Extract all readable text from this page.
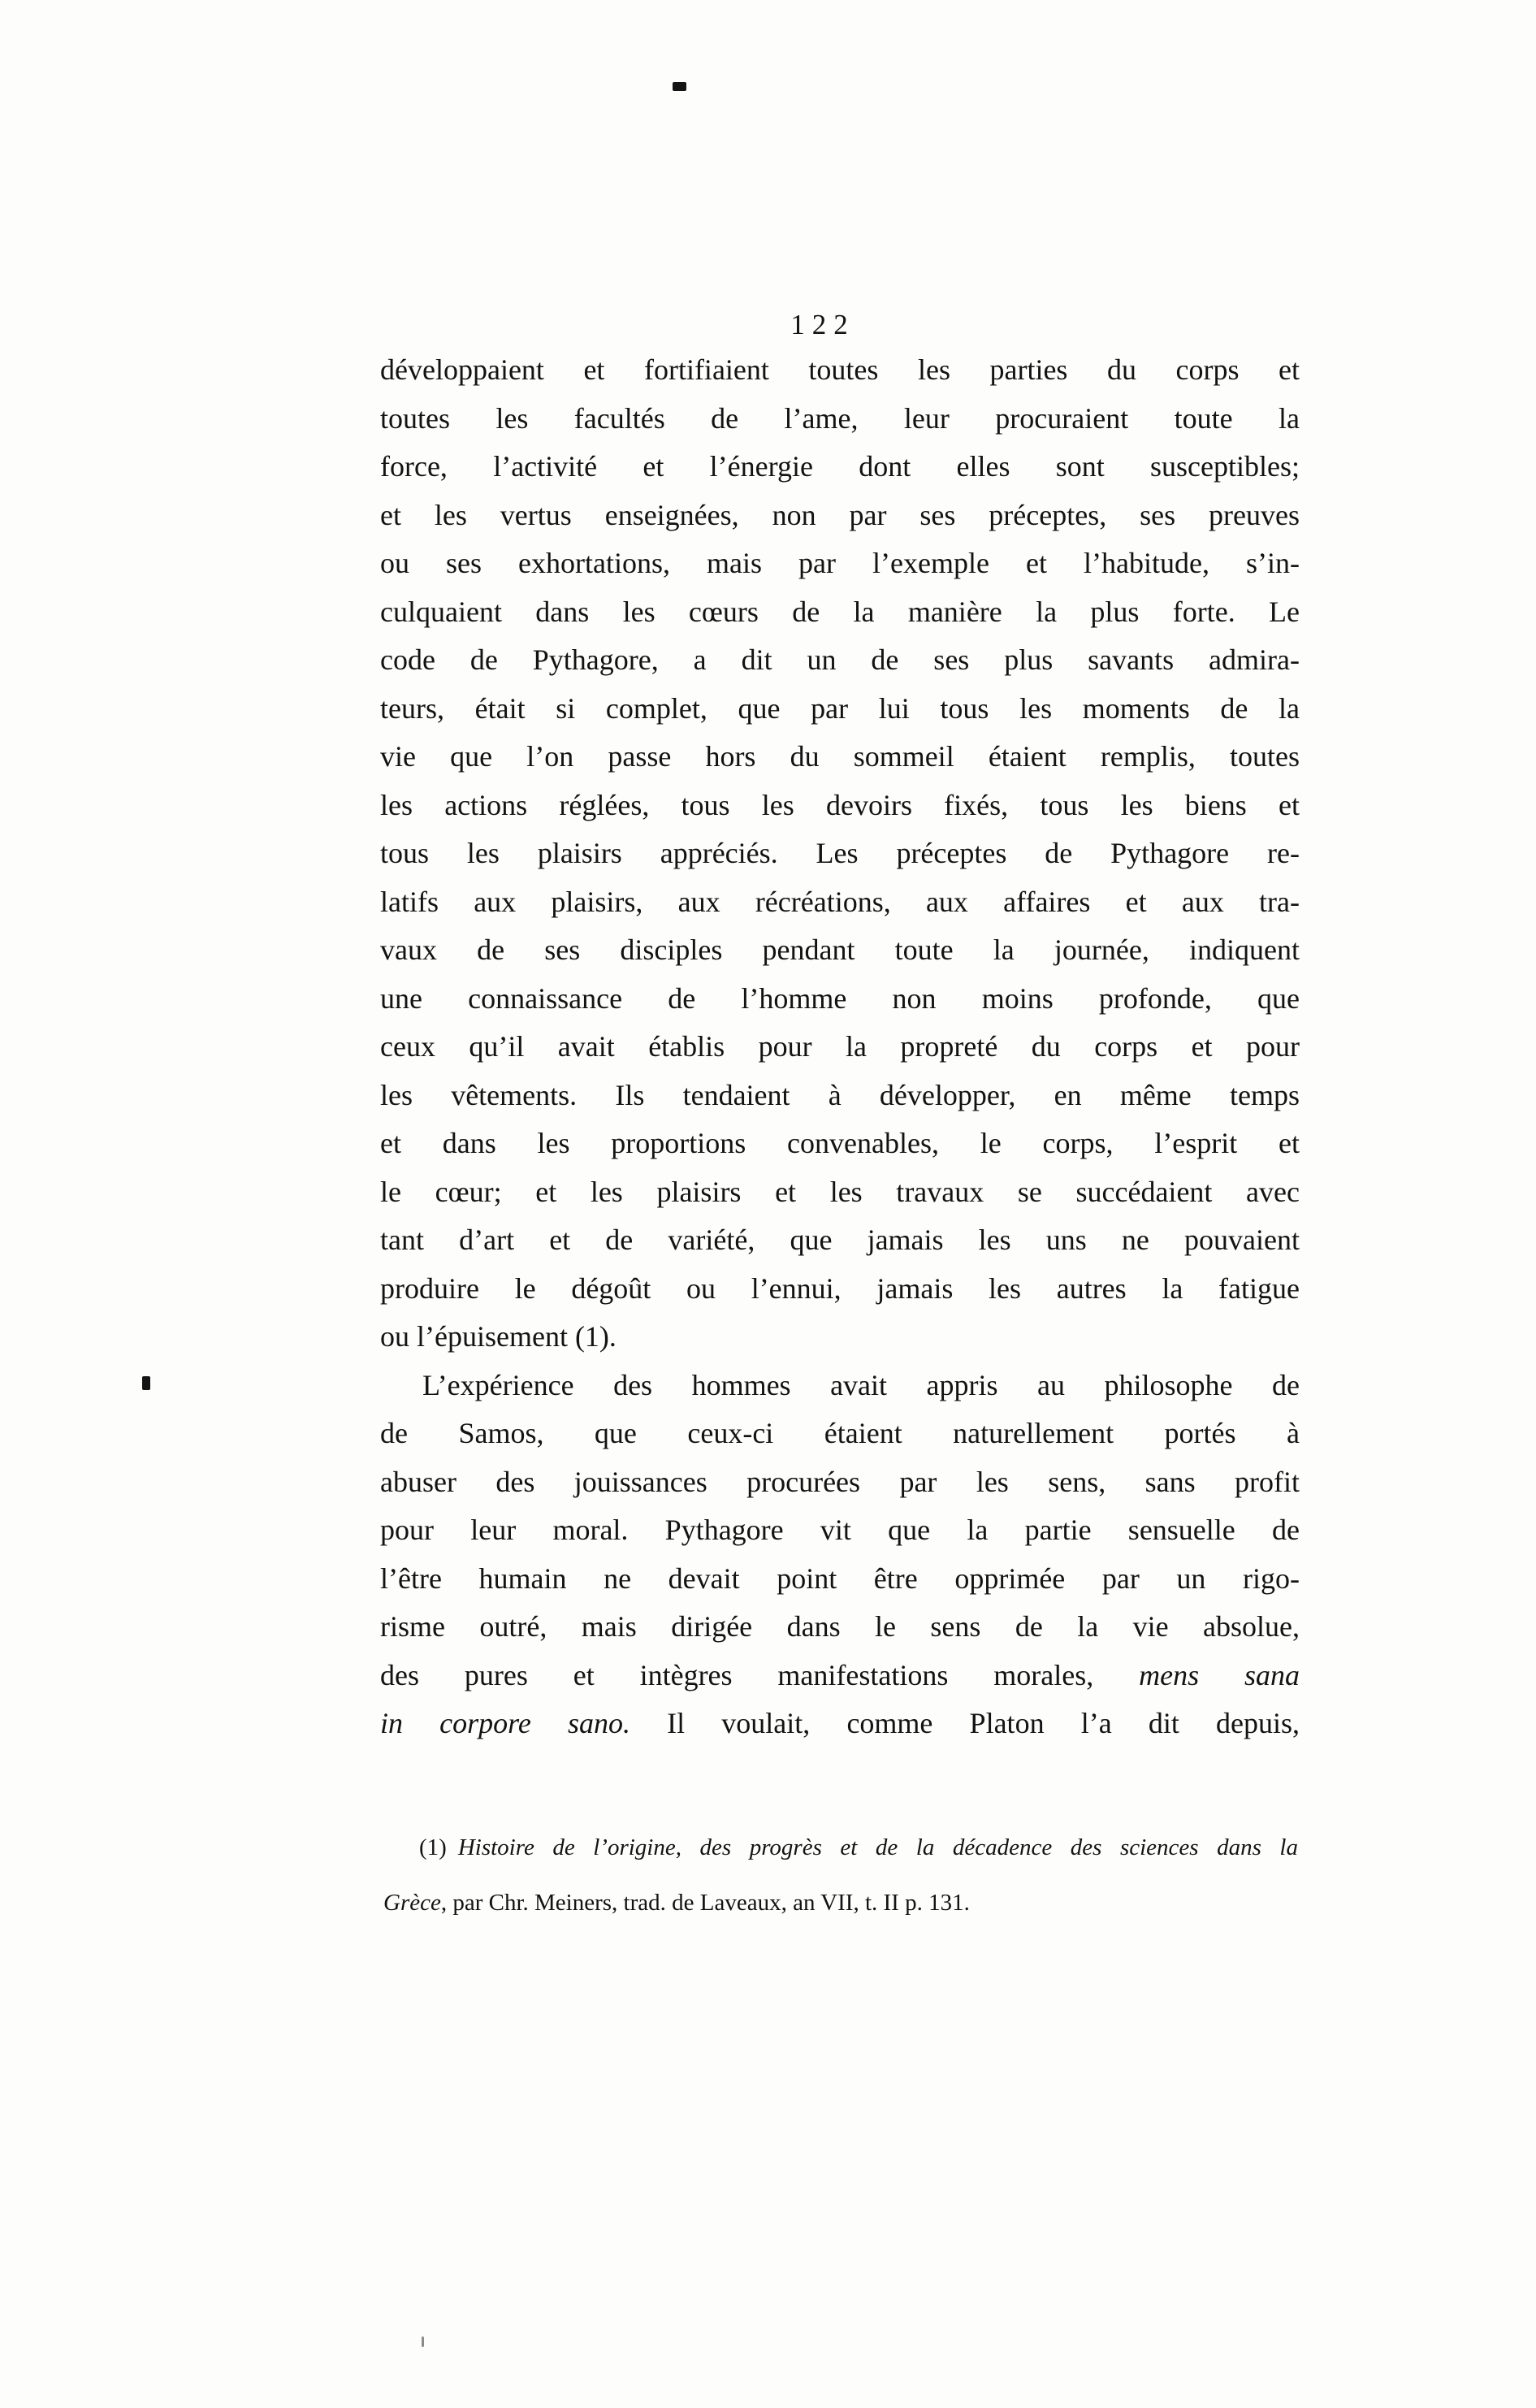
122
développaient et fortifiaient toutes les parties du corps et
toutes les facultés de l’ame, leur procuraient toute la
force, l’activité et l’énergie dont elles sont susceptibles;
et les vertus enseignées, non par ses préceptes, ses preuves
ou ses exhortations, mais par l’exemple et l’habitude, s’in-
culquaient dans les cœurs de la manière la plus forte. Le
code de Pythagore, a dit un de ses plus savants admira-
teurs, était si complet, que par lui tous les moments de la
vie que l’on passe hors du sommeil étaient remplis, toutes
les actions réglées, tous les devoirs fixés, tous les biens et
tous les plaisirs appréciés. Les préceptes de Pythagore re-
latifs aux plaisirs, aux récréations, aux affaires et aux tra-
vaux de ses disciples pendant toute la journée, indiquent
une connaissance de l’homme non moins profonde, que
ceux qu’il avait établis pour la propreté du corps et pour
les vêtements. Ils tendaient à développer, en même temps
et dans les proportions convenables, le corps, l’esprit et
le cœur; et les plaisirs et les travaux se succédaient avec
tant d’art et de variété, que jamais les uns ne pouvaient
produire le dégoût ou l’ennui, jamais les autres la fatigue
ou l’épuisement (1).
L’expérience des hommes avait appris au philosophe de
de Samos, que ceux-ci étaient naturellement portés à
abuser des jouissances procurées par les sens, sans profit
pour leur moral. Pythagore vit que la partie sensuelle de
l’être humain ne devait point être opprimée par un rigo-
risme outré, mais dirigée dans le sens de la vie absolue,
des pures et intègres manifestations morales, mens sana
in corpore sano. Il voulait, comme Platon l’a dit depuis,
(1) Histoire de l’origine, des progrès et de la décadence des sciences dans la
Grèce, par Chr. Meiners, trad. de Laveaux, an VII, t. II p. 131.
